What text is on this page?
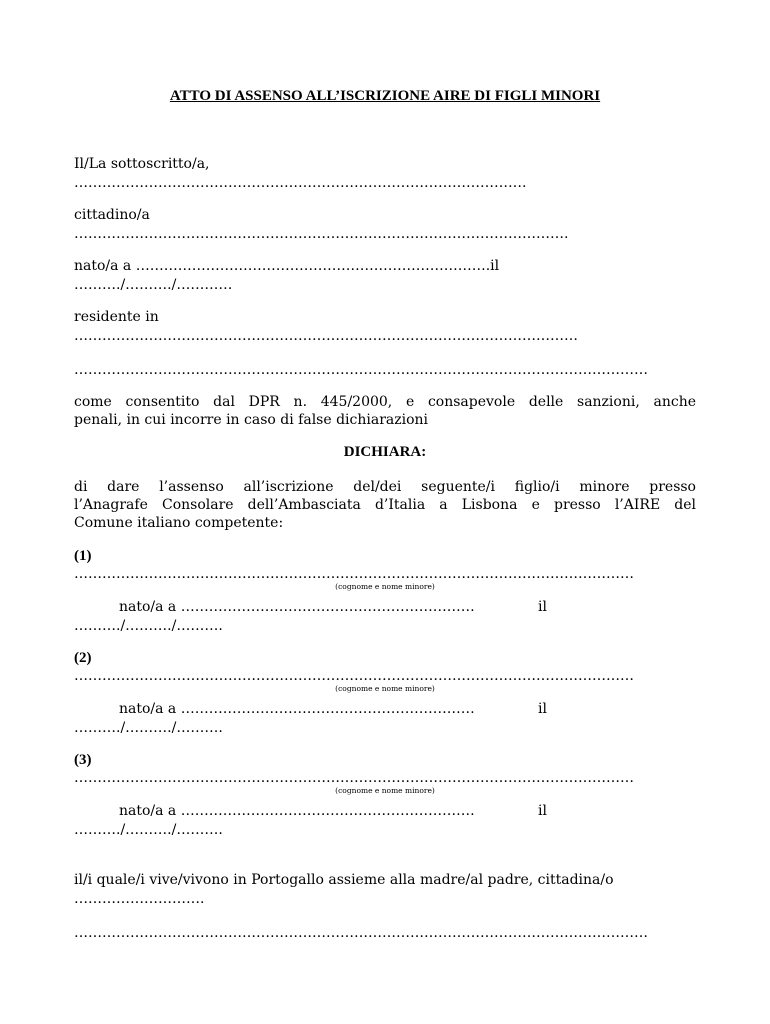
ATTO DI ASSENSO ALL’ISCRIZIONE AIRE DI FIGLI MINORI
Il/La sottoscritto/a,
…………………………………………………………………………………….
cittadino/a
…………………………………………………………………………………………….
nato/a a ………………………………………………………………….il
………./………./…………
residente in
………………………………………………………………………………………………
……………………………………………………………………………………………………………
come consentito dal DPR n. 445/2000, e consapevole delle sanzioni, anche
penali, in cui incorre in caso di false dichiarazioni
DICHIARA:
di dare l’assenso all’iscrizione del/dei seguente/i figlio/i minore presso
l’Anagrafe Consolare dell’Ambasciata d’Italia a Lisbona e presso l’AIRE del
Comune italiano competente:
(1)
…………………………………………………………………………………………………………
(cognome e nome minore)
nato/a a ………………………………………………………	il
………./………./……….
(2)
…………………………………………………………………………………………………………
(cognome e nome minore)
nato/a a ………………………………………………………	il
………./………./……….
(3)
…………………………………………………………………………………………………………
(cognome e nome minore)
nato/a a ………………………………………………………	il
………./………./……….
il/i quale/i vive/vivono in Portogallo assieme alla madre/al padre, cittadina/o
……………………….
……………………………………………………………………………………………………………
